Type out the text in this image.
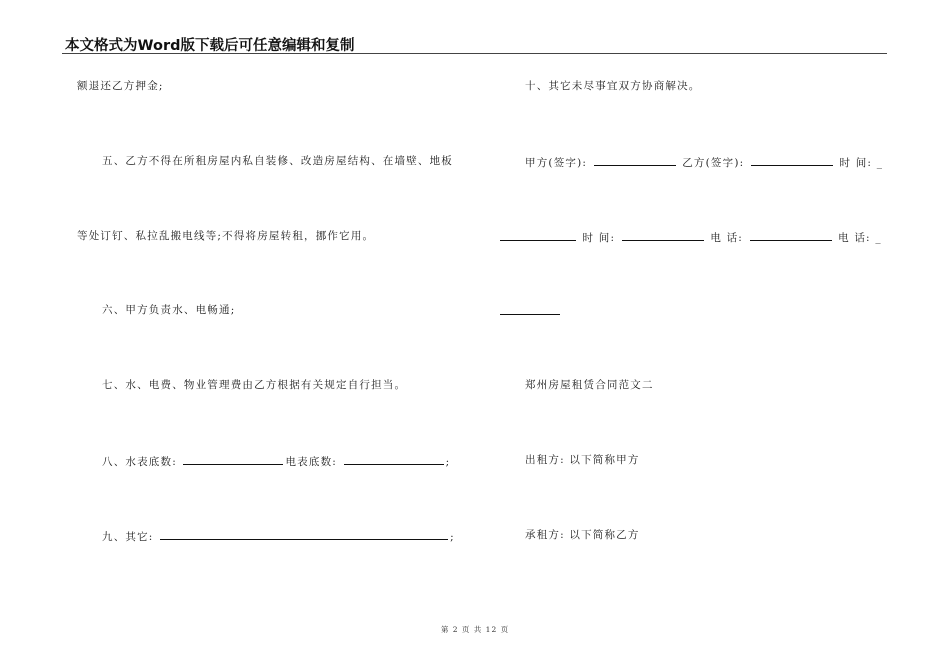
本文格式为Word版下载后可任意编辑和复制
额退还乙方押金;
五、乙方不得在所租房屋内私自装修、改造房屋结构、在墙壁、地板
等处订钉、私拉乱搬电线等;不得将房屋转租，挪作它用。
六、甲方负责水、电畅通;
七、水、电费、物业管理费由乙方根据有关规定自行担当。
八、水表底数:	电表底数:	;
九、其它:	;
十、其它未尽事宜双方协商解决。
甲方(签字):	乙方(签字):	时 间: _
时 间:	电 话:	电 话: _
郑州房屋租赁合同范文二
出租方: 以下简称甲方
承租方: 以下简称乙方
第 2 页 共 12 页
